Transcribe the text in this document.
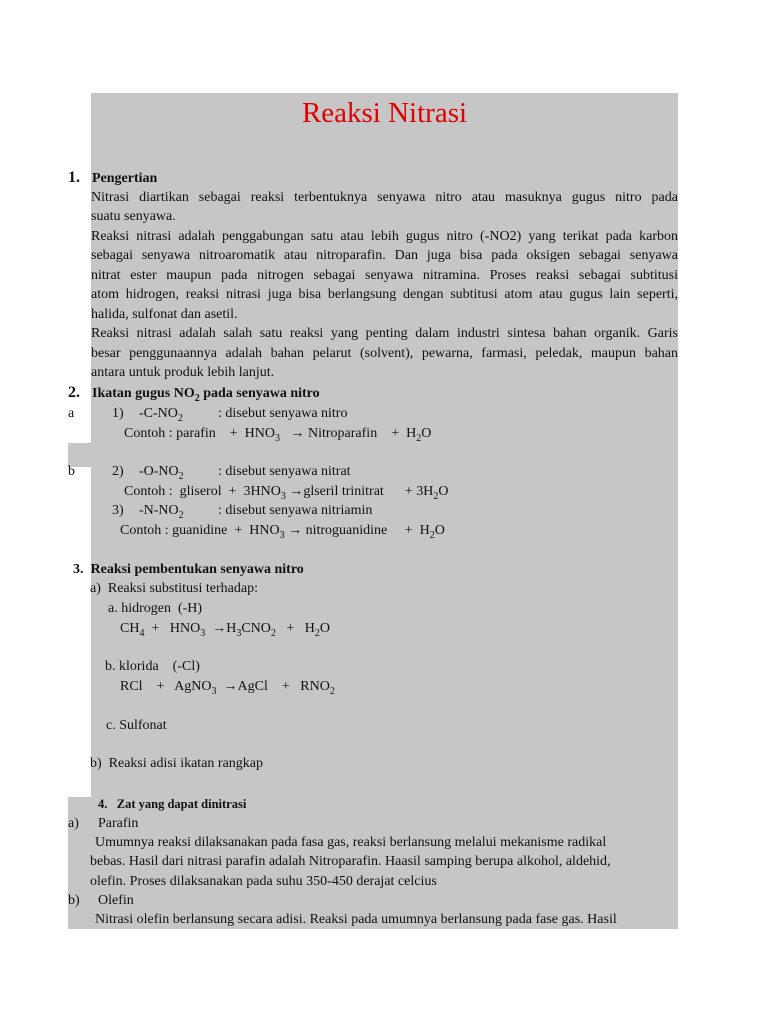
Reaksi Nitrasi
1. Pengertian
Nitrasi diartikan sebagai reaksi terbentuknya senyawa nitro atau masuknya gugus nitro pada
suatu senyawa.
Reaksi nitrasi adalah penggabungan satu atau lebih gugus nitro (-NO2) yang terikat pada karbon
sebagai senyawa nitroaromatik atau nitroparafin. Dan juga bisa pada oksigen sebagai senyawa
nitrat ester maupun pada nitrogen sebagai senyawa nitramina. Proses reaksi sebagai subtitusi
atom hidrogen, reaksi nitrasi juga bisa berlangsung dengan subtitusi atom atau gugus lain seperti,
halida, sulfonat dan asetil.
Reaksi nitrasi adalah salah satu reaksi yang penting dalam industri sintesa bahan organik. Garis
besar penggunaannya adalah bahan pelarut (solvent), pewarna, farmasi, peledak, maupun bahan
antara untuk produk lebih lanjut.
2. Ikatan gugus $NO_2$ pada senyawa nitro
a	1) $-C-NO_2$	: disebut senyawa nitro
Contoh : parafin    +  $HNO_3$   → Nitroparafin    +  $H_2O$
b	2) $-O-NO_2$ : disebut senyawa nitrat
Contoh :  gliserol  +  $3HNO_3$ →glseril trinitrat      + $3H_2O$
3) $-N-NO_2$ : disebut senyawa nitriamin
Contoh : guanidine  +  $HNO_3$ → nitroguanidine     +  $H_2O$
3.  Reaksi pembentukan senyawa nitro
a)  Reaksi substitusi terhadap:
a. hidrogen  (-H)
$CH_4 + HNO_3 \to H_3CNO_2 + H_2O$
b. klorida    (-Cl)
RCl    +   AgNO$_3$  →AgCl    +   $RNO_2$
c. Sulfonat
b)  Reaksi adisi ikatan rangkap
4.   Zat yang dapat dinitrasi
a) Parafin
Umumnya reaksi dilaksanakan pada fasa gas, reaksi berlansung melalui mekanisme radikal
bebas. Hasil dari nitrasi parafin adalah Nitroparafin. Haasil samping berupa alkohol, aldehid,
olefin. Proses dilaksanakan pada suhu 350-450 derajat celcius
b) Olefin
Nitrasi olefin berlansung secara adisi. Reaksi pada umumnya berlansung pada fase gas. Hasil
